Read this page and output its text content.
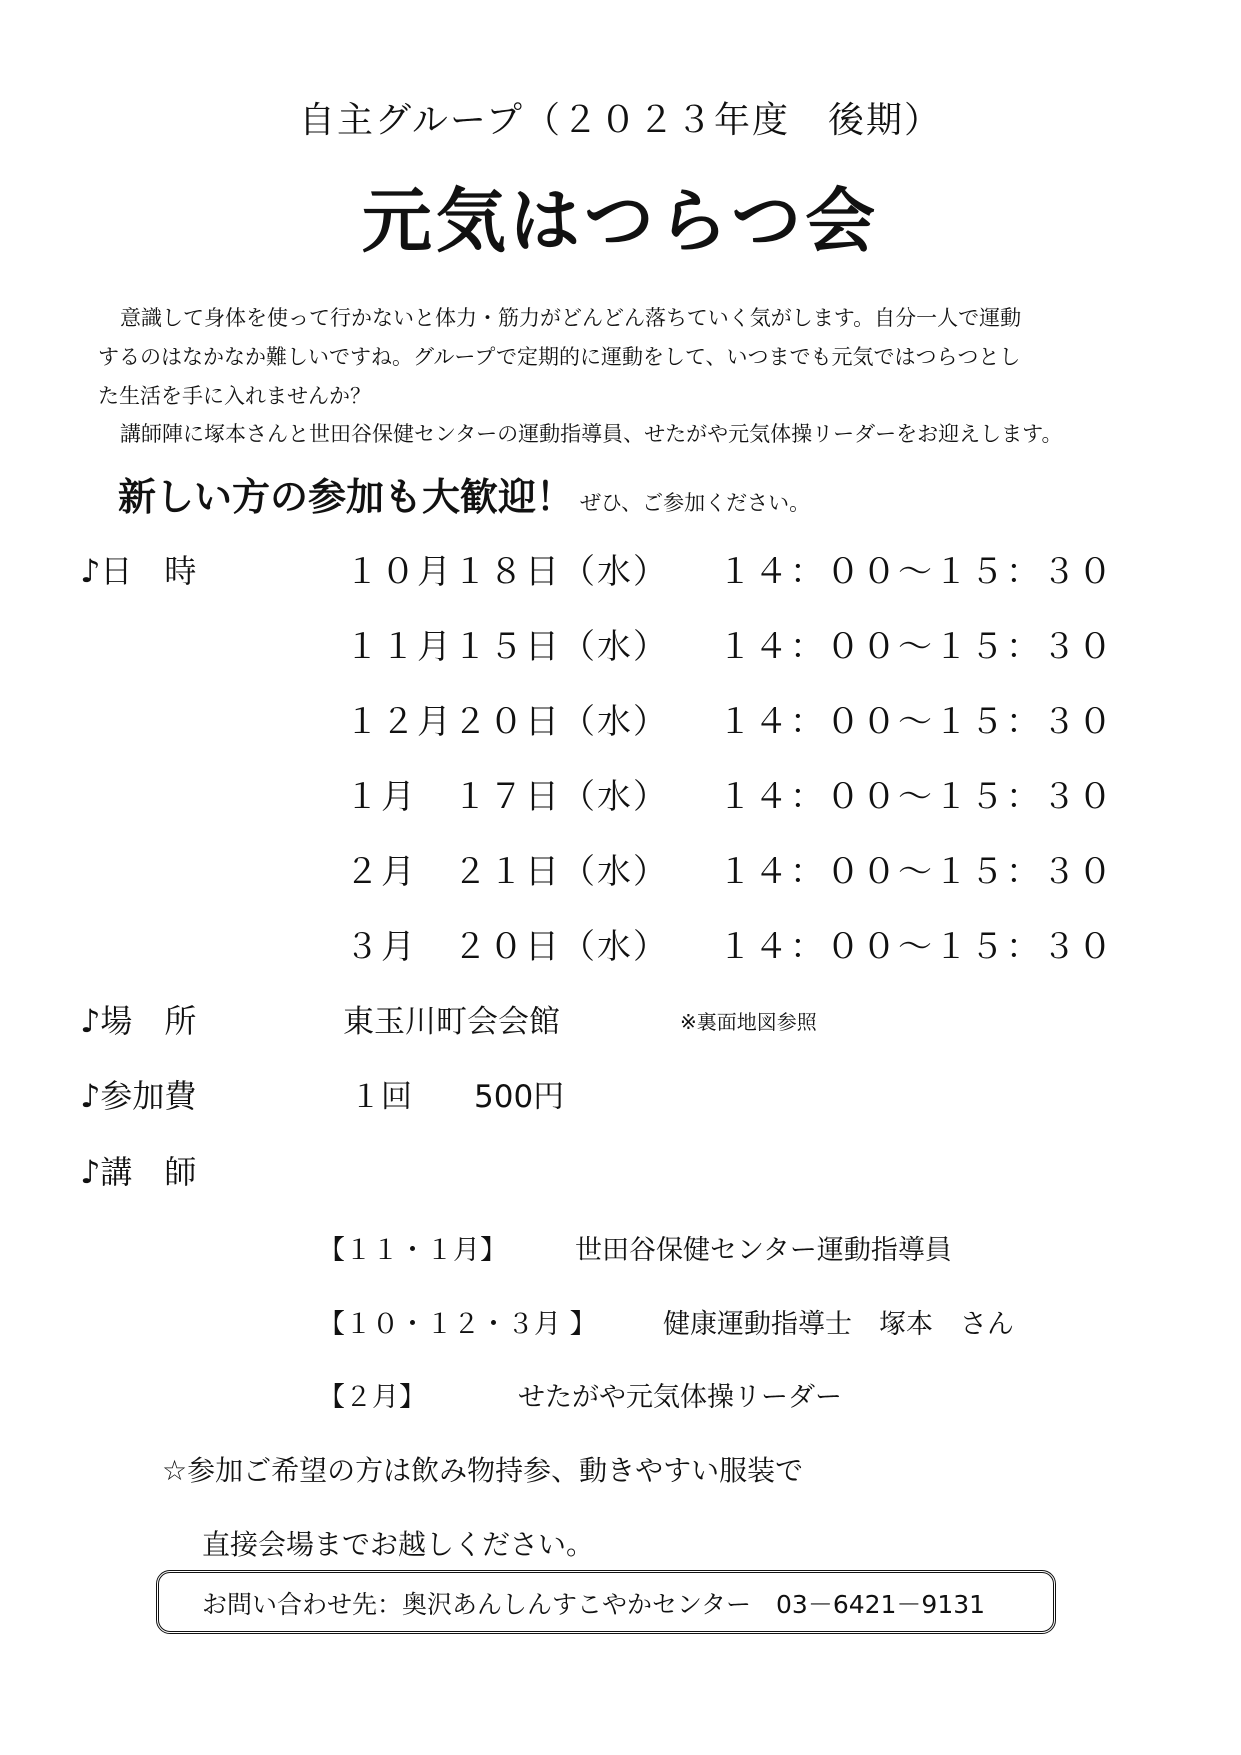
自主グループ（２０２３年度　後期）
元気はつらつ会
意識して身体を使って行かないと体力・筋力がどんどん落ちていく気がします。自分一人で運動
するのはなかなか難しいですね。グループで定期的に運動をして、いつまでも元気ではつらつとし
た生活を手に入れませんか？
講師陣に塚本さんと世田谷保健センターの運動指導員、せたがや元気体操リーダーをお迎えします。
新しい方の参加も大歓迎！ ぜひ、ご参加ください。
♪日　時	１０月１８日（水） １４：００～１５：３０
１１月１５日（水） １４：００～１５：３０
１２月２０日（水） １４：００～１５：３０
１月　１７日（水） １４：００～１５：３０
２月　２１日（水） １４：００～１５：３０
３月　２０日（水） １４：００～１５：３０
♪場　所	東玉川町会会館	※裏面地図参照
♪参加費	１回　　500円
♪講　師
【１１・１月】	世田谷保健センター運動指導員
【１０・１２・３月 】 健康運動指導士　塚本　さん
【２月】	せたがや元気体操リーダー
☆参加ご希望の方は飲み物持参、動きやすい服装で
直接会場までお越しください。
お問い合わせ先：奥沢あんしんすこやかセンター　03－6421－9131
